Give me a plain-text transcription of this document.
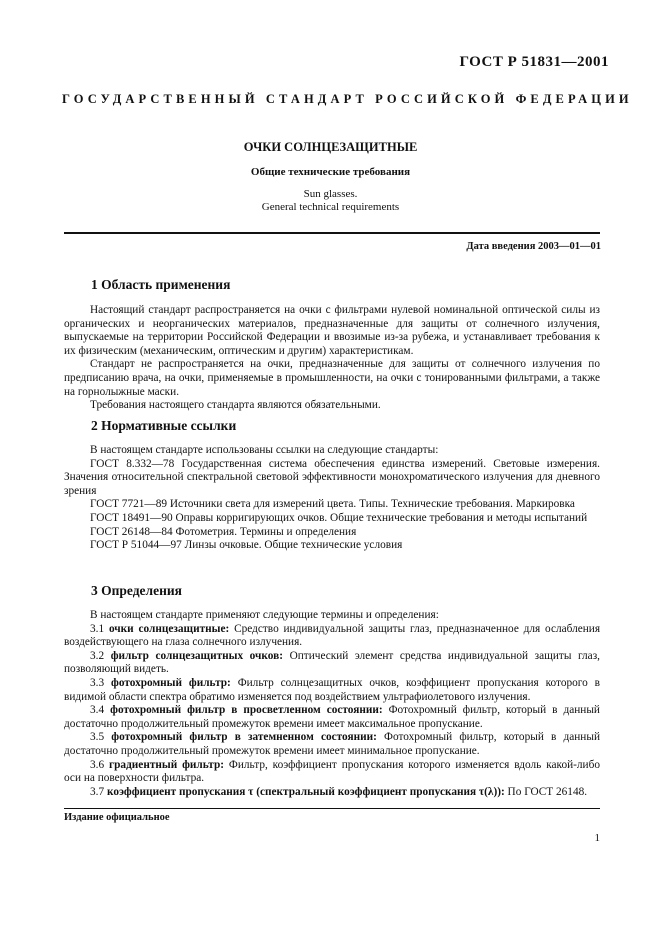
ГОСТ Р 51831—2001
ГОСУДАРСТВЕННЫЙ СТАНДАРТ РОССИЙСКОЙ ФЕДЕРАЦИИ
ОЧКИ СОЛНЦЕЗАЩИТНЫЕ
Общие технические требования
Sun glasses.
General technical requirements
Дата введения 2003—01—01
1 Область применения

Настоящий стандарт распространяется на очки с фильтрами нулевой номинальной оптической силы из органических и неорганических материалов, предназначенные для защиты от солнечного излучения, выпускаемые на территории Российской Федерации и ввозимые из-за рубежа, и устанавливает требования к их физическим (механическим, оптическим и другим) характеристикам.

Стандарт не распространяется на очки, предназначенные для защиты от солнечного излучения по предписанию врача, на очки, применяемые в промышленности, на очки с тонированными фильтрами, а также на горнолыжные маски.

Требования настоящего стандарта являются обязательными.

2 Нормативные ссылки

В настоящем стандарте использованы ссылки на следующие стандарты:

ГОСТ 8.332—78 Государственная система обеспечения единства измерений. Световые измерения. Значения относительной спектральной световой эффективности монохроматического излучения для дневного зрения

ГОСТ 7721—89 Источники света для измерений цвета. Типы. Технические требования. Маркировка

ГОСТ 18491—90 Оправы корригирующих очков. Общие технические требования и методы испытаний

ГОСТ 26148—84 Фотометрия. Термины и определения

ГОСТ Р 51044—97 Линзы очковые. Общие технические условия

3 Определения

В настоящем стандарте применяют следующие термины и определения:

3.1 очки солнцезащитные: Средство индивидуальной защиты глаз, предназначенное для ослабления воздействующего на глаза солнечного излучения.

3.2 фильтр солнцезащитных очков: Оптический элемент средства индивидуальной защиты глаз, позволяющий видеть.

3.3 фотохромный фильтр: Фильтр солнцезащитных очков, коэффициент пропускания которого в видимой области спектра обратимо изменяется под воздействием ультрафиолетового излучения.

3.4 фотохромный фильтр в просветленном состоянии: Фотохромный фильтр, который в данный достаточно продолжительный промежуток времени имеет максимальное пропускание.

3.5 фотохромный фильтр в затемненном состоянии: Фотохромный фильтр, который в данный достаточно продолжительный промежуток времени имеет минимальное пропускание.

3.6 градиентный фильтр: Фильтр, коэффициент пропускания которого изменяется вдоль какой-либо оси на поверхности фильтра.

3.7 коэффициент пропускания τ (спектральный коэффициент пропускания τ(λ)): По ГОСТ 26148.

Издание официальное
1
